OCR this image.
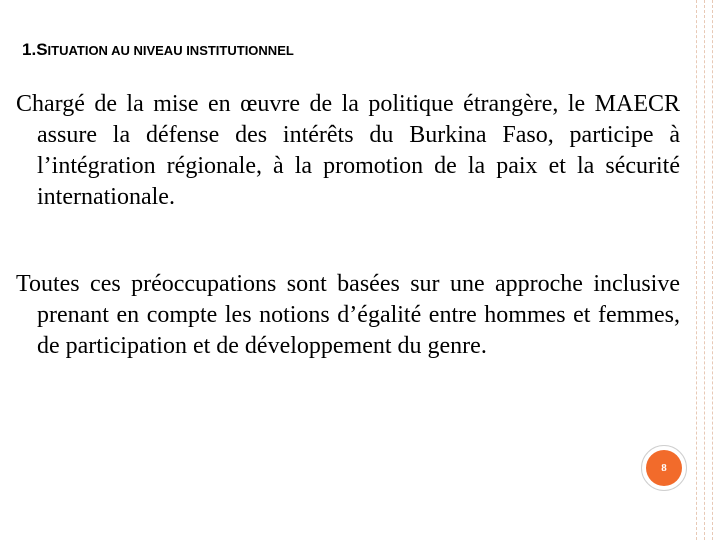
1.SITUATION AU NIVEAU INSTITUTIONNEL
Chargé de la mise en œuvre de la politique étrangère, le MAECR assure la défense des intérêts du Burkina Faso, participe à l’intégration régionale, à la promotion de la paix et la sécurité internationale.
Toutes ces préoccupations sont basées sur une approche inclusive prenant en compte les notions d’égalité entre hommes et femmes, de participation et de développement du genre.
8
